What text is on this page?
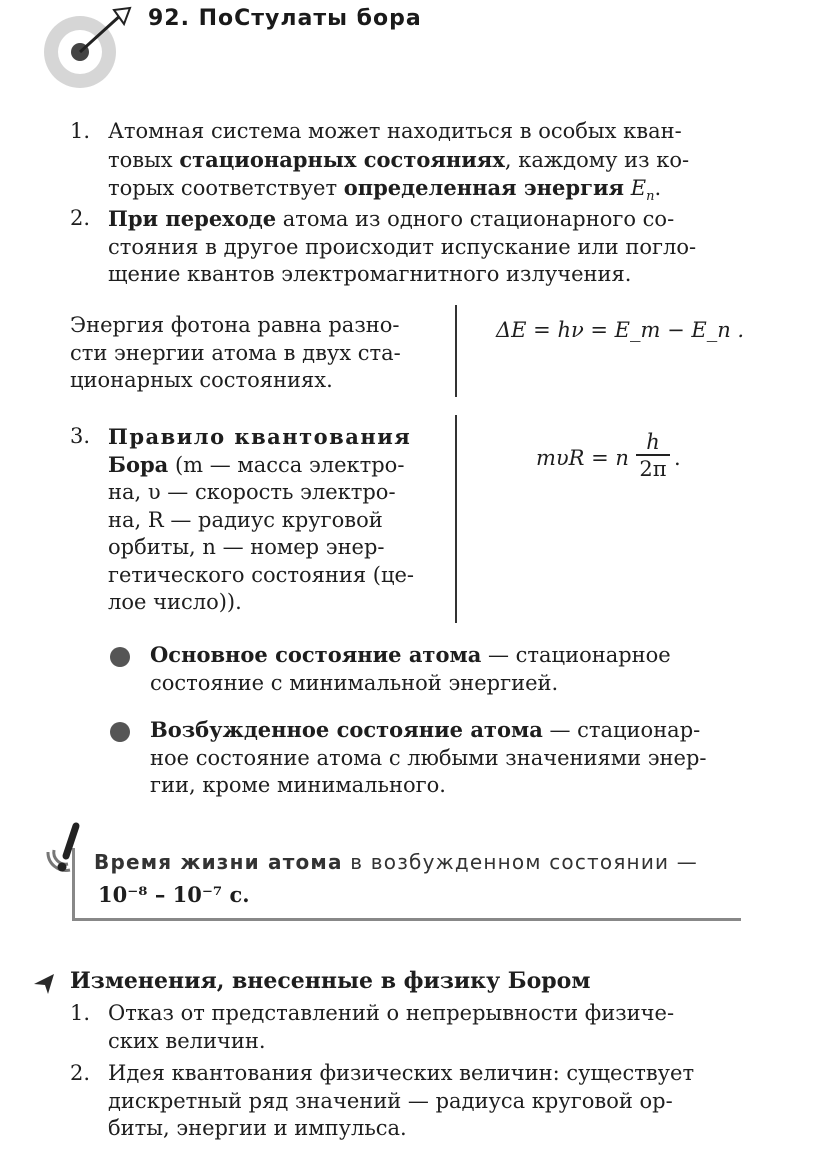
92. ПоСтулаты бора
1. Атомная система может находиться в особых кван-
товых стационарных состояниях, каждому из ко-
торых соответствует определенная энергия $E_n$.
2. При переходе атома из одного стационарного со-
стояния в другое происходит испускание или погло-
щение квантов электромагнитного излучения.
Энергия фотона равна разно-
сти энергии атома в двух ста-
ционарных состояниях.
ΔE = hν = E_m − E_n .
3. Правило квантования
Бора (m — масса электро-
на, υ — скорость электро-
на, R — радиус круговой
орбиты, n — номер энер-
гетического состояния (це-
лое число)).
mυR = n
h
2π .
Основное состояние атома — стационарное
состояние с минимальной энергией.
Возбужденное состояние атома — стационар-
ное состояние атома с любыми значениями энер-
гии, кроме минимального.
Время жизни атома в возбужденном состоянии —
10⁻⁸ – 10⁻⁷ с.
Изменения, внесенные в физику Бором
1. Отказ от представлений о непрерывности физиче-
ских величин.
2. Идея квантования физических величин: существует
дискретный ряд значений — радиуса круговой ор-
биты, энергии и импульса.
